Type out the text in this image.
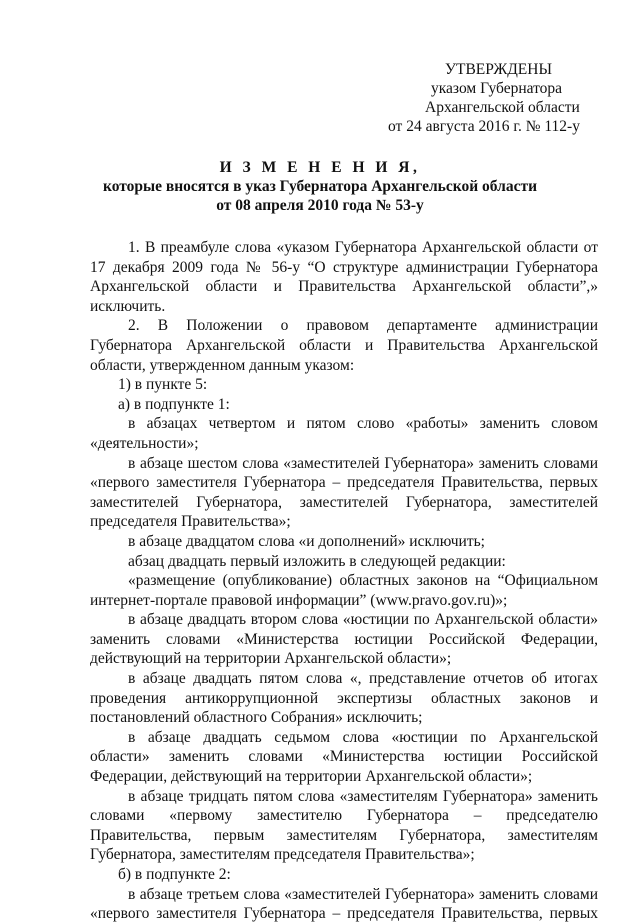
УТВЕРЖДЕНЫ
указом Губернатора
Архангельской области
от 24 августа 2016 г. № 112-у
И З М Е Н Е Н И Я,
которые вносятся в указ Губернатора Архангельской области
от 08 апреля 2010 года № 53-у

1. В преамбуле слова «указом Губернатора Архангельской области от 17 декабря 2009 года № 56-у “О структуре администрации Губернатора Архангельской области и Правительства Архангельской области”,» исключить.

2. В Положении о правовом департаменте администрации Губернатора Архангельской области и Правительства Архангельской области, утвержденном данным указом:

1) в пункте 5:

а) в подпункте 1:

в абзацах четвертом и пятом слово «работы» заменить словом «деятельности»;

в абзаце шестом слова «заместителей Губернатора» заменить словами «первого заместителя Губернатора – председателя Правительства, первых заместителей Губернатора, заместителей Губернатора, заместителей председателя Правительства»;

в абзаце двадцатом слова «и дополнений» исключить;

абзац двадцать первый изложить в следующей редакции:

«размещение (опубликование) областных законов на “Официальном интернет-портале правовой информации” (www.pravo.gov.ru)»;

в абзаце двадцать втором слова «юстиции по Архангельской области» заменить словами «Министерства юстиции Российской Федерации, действующий на территории Архангельской области»;

в абзаце двадцать пятом слова «, представление отчетов об итогах проведения антикоррупционной экспертизы областных законов и постановлений областного Собрания» исключить;

в абзаце двадцать седьмом слова «юстиции по Архангельской области» заменить словами «Министерства юстиции Российской Федерации, действующий на территории Архангельской области»;

в абзаце тридцать пятом слова «заместителям Губернатора» заменить словами «первому заместителю Губернатора – председателю Правительства, первым заместителям Губернатора, заместителям Губернатора, заместителям председателя Правительства»;

б) в подпункте 2:

в абзаце третьем слова «заместителей Губернатора» заменить словами «первого заместителя Губернатора – председателя Правительства, первых
